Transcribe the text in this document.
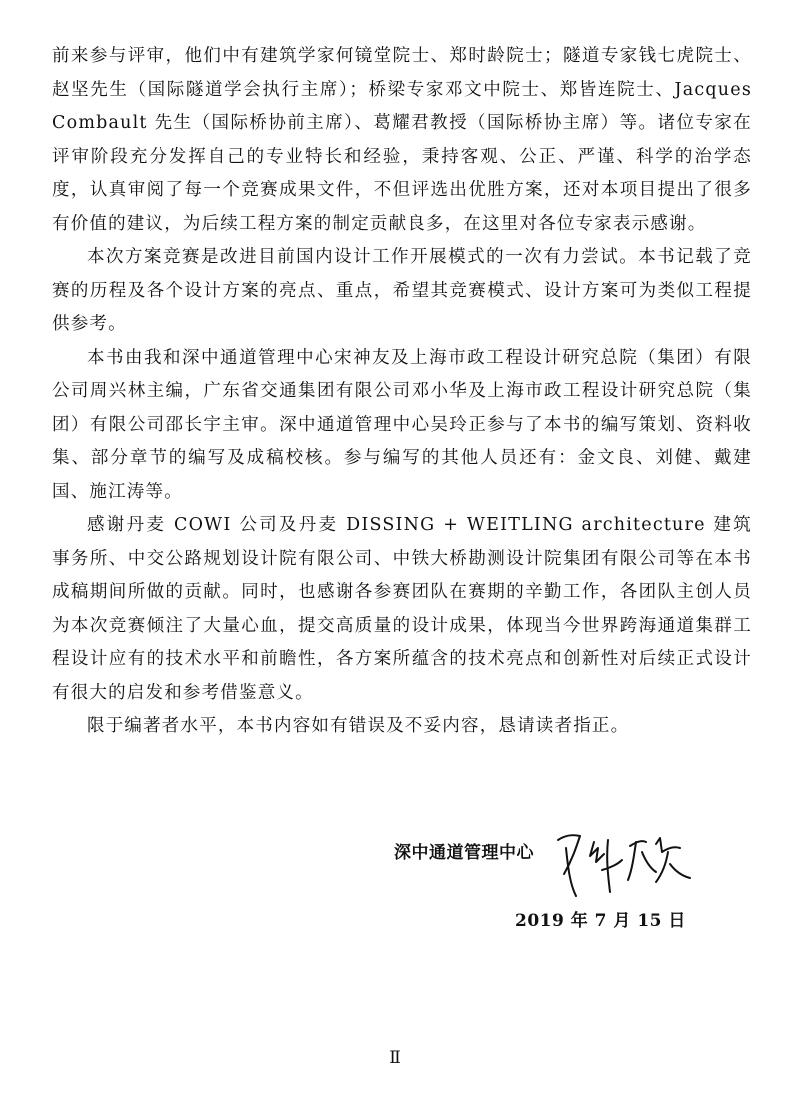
前来参与评审，他们中有建筑学家何镜堂院士、郑时龄院士；隧道专家钱七虎院士、赵坚先生（国际隧道学会执行主席）；桥梁专家邓文中院士、郑皆连院士、Jacques Combault 先生（国际桥协前主席）、葛耀君教授（国际桥协主席）等。诸位专家在评审阶段充分发挥自己的专业特长和经验，秉持客观、公正、严谨、科学的治学态度，认真审阅了每一个竞赛成果文件，不但评选出优胜方案，还对本项目提出了很多有价值的建议，为后续工程方案的制定贡献良多，在这里对各位专家表示感谢。

本次方案竞赛是改进目前国内设计工作开展模式的一次有力尝试。本书记载了竞赛的历程及各个设计方案的亮点、重点，希望其竞赛模式、设计方案可为类似工程提供参考。

本书由我和深中通道管理中心宋神友及上海市政工程设计研究总院（集团）有限公司周兴林主编，广东省交通集团有限公司邓小华及上海市政工程设计研究总院（集团）有限公司邵长宇主审。深中通道管理中心吴玲正参与了本书的编写策划、资料收集、部分章节的编写及成稿校核。参与编写的其他人员还有：金文良、刘健、戴建国、施江涛等。

感谢丹麦 COWI 公司及丹麦 DISSING + WEITLING architecture 建筑事务所、中交公路规划设计院有限公司、中铁大桥勘测设计院集团有限公司等在本书成稿期间所做的贡献。同时，也感谢各参赛团队在赛期的辛勤工作，各团队主创人员为本次竞赛倾注了大量心血，提交高质量的设计成果，体现当今世界跨海通道集群工程设计应有的技术水平和前瞻性，各方案所蕴含的技术亮点和创新性对后续正式设计有很大的启发和参考借鉴意义。

限于编著者水平，本书内容如有错误及不妥内容，恳请读者指正。

深中通道管理中心
2019 年 7 月 15 日
Ⅱ
